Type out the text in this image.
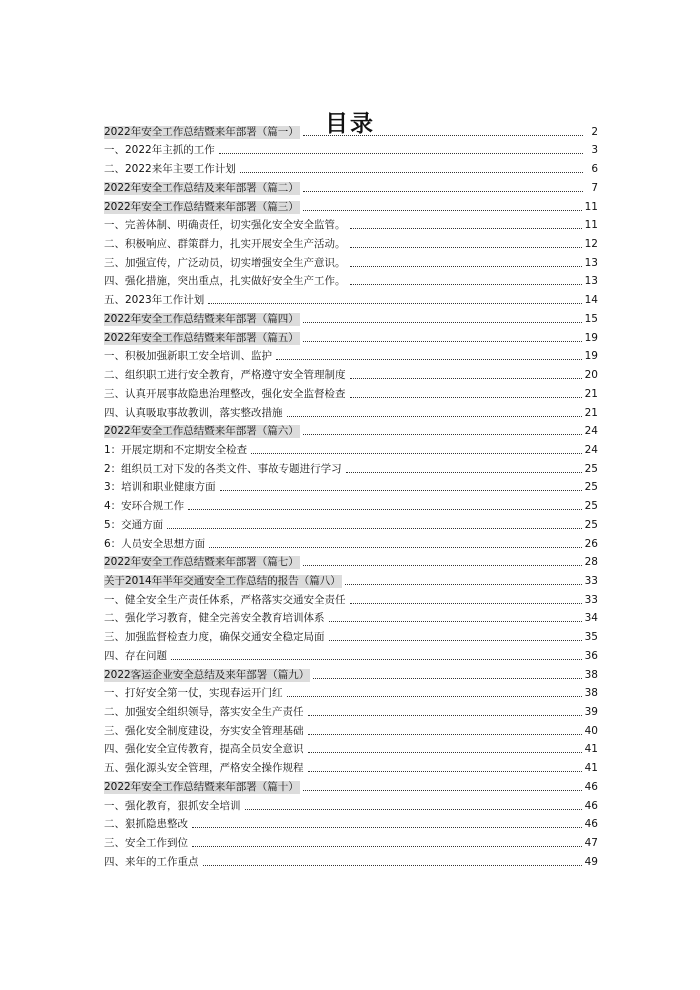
目录
2022年安全工作总结暨来年部署（篇一）	2
一、2022年主抓的工作	3
二、2022来年主要工作计划	6
2022年安全工作总结及来年部署（篇二）	7
2022年安全工作总结暨来年部署（篇三）	11
一、完善体制、明确责任，切实强化安全安全监管。	11
二、积极响应、群策群力，扎实开展安全生产活动。	12
三、加强宣传，广泛动员，切实增强安全生产意识。	13
四、强化措施，突出重点，扎实做好安全生产工作。	13
五、2023年工作计划	14
2022年安全工作总结暨来年部署（篇四）	15
2022年安全工作总结暨来年部署（篇五）	19
一、积极加强新职工安全培训、监护	19
二、组织职工进行安全教育，严格遵守安全管理制度	20
三、认真开展事故隐患治理整改，强化安全监督检查	21
四、认真吸取事故教训，落实整改措施	21
2022年安全工作总结暨来年部署（篇六）	24
1：开展定期和不定期安全检查	24
2：组织员工对下发的各类文件、事故专题进行学习	25
3：培训和职业健康方面	25
4：安环合规工作	25
5：交通方面	25
6：人员安全思想方面	26
2022年安全工作总结暨来年部署（篇七）	28
关于2014年半年交通安全工作总结的报告（篇八）	33
一、健全安全生产责任体系，严格落实交通安全责任	33
二、强化学习教育，健全完善安全教育培训体系	34
三、加强监督检查力度，确保交通安全稳定局面	35
四、存在问题	36
2022客运企业安全总结及来年部署（篇九）	38
一、打好安全第一仗，实现春运开门红	38
二、加强安全组织领导，落实安全生产责任	39
三、强化安全制度建设，夯实安全管理基础	40
四、强化安全宣传教育，提高全员安全意识	41
五、强化源头安全管理，严格安全操作规程	41
2022年安全工作总结暨来年部署（篇十）	46
一、强化教育，狠抓安全培训	46
二、狠抓隐患整改	46
三、安全工作到位	47
四、来年的工作重点	49
